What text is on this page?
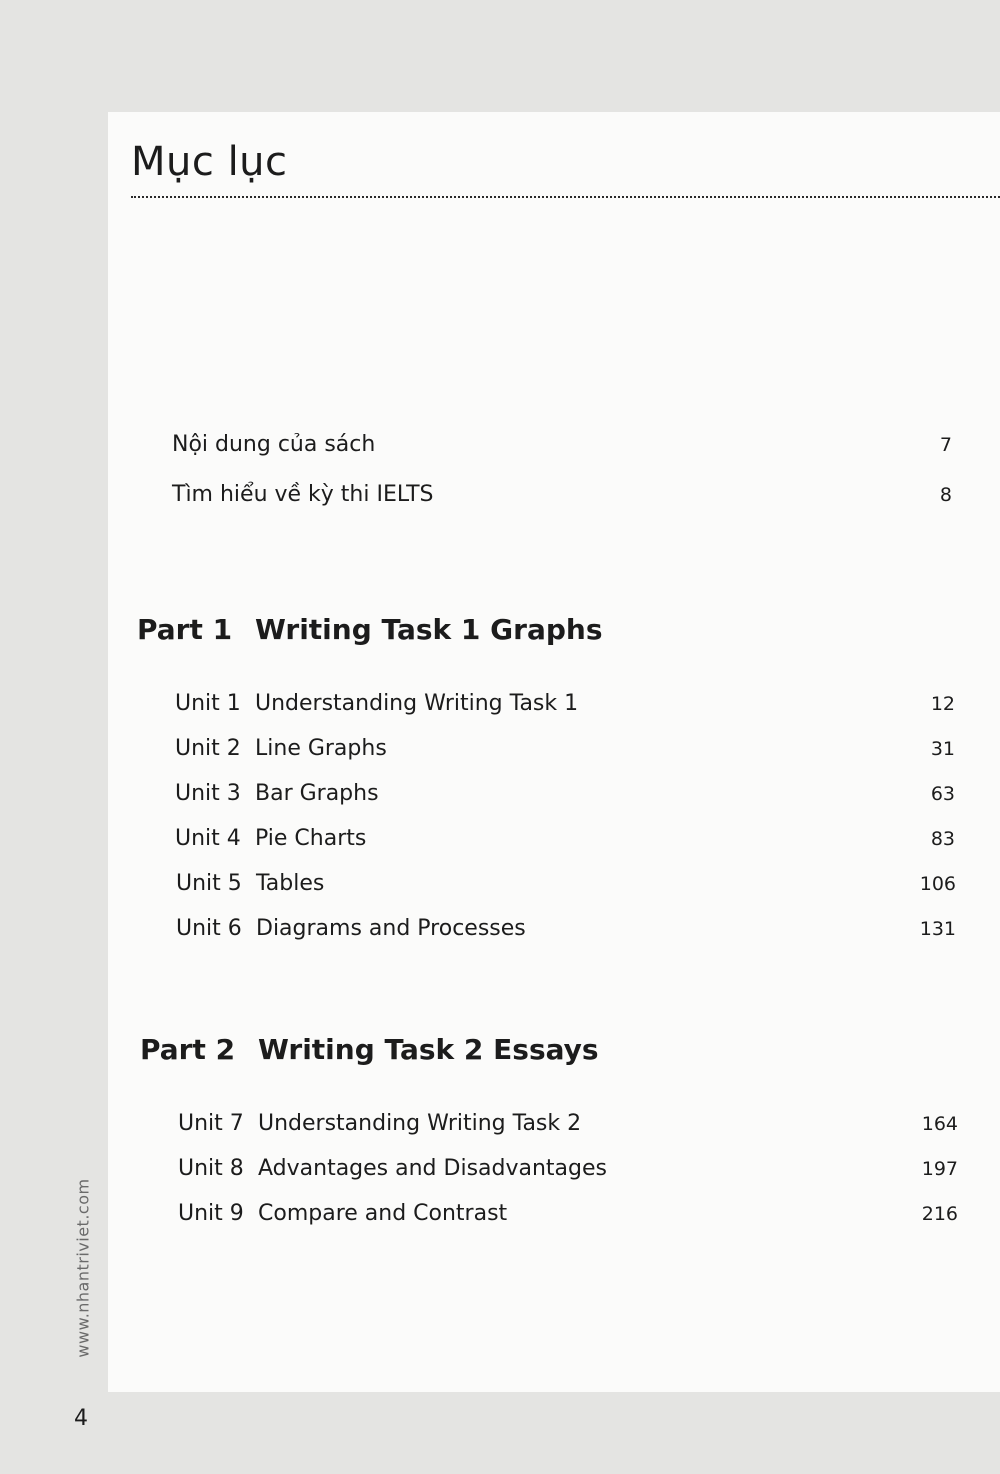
Mục lục
Nội dung của sách	7
Tìm hiểu về kỳ thi IELTS	8
Part 1 Writing Task 1 Graphs
Unit 1 Understanding Writing Task 1	12
Unit 2 Line Graphs	31
Unit 3 Bar Graphs	63
Unit 4 Pie Charts	83
Unit 5 Tables	106
Unit 6 Diagrams and Processes	131
Part 2 Writing Task 2 Essays
Unit 7 Understanding Writing Task 2	164
Unit 8 Advantages and Disadvantages	197
Unit 9 Compare and Contrast	216
www.nhantriviet.com
4
